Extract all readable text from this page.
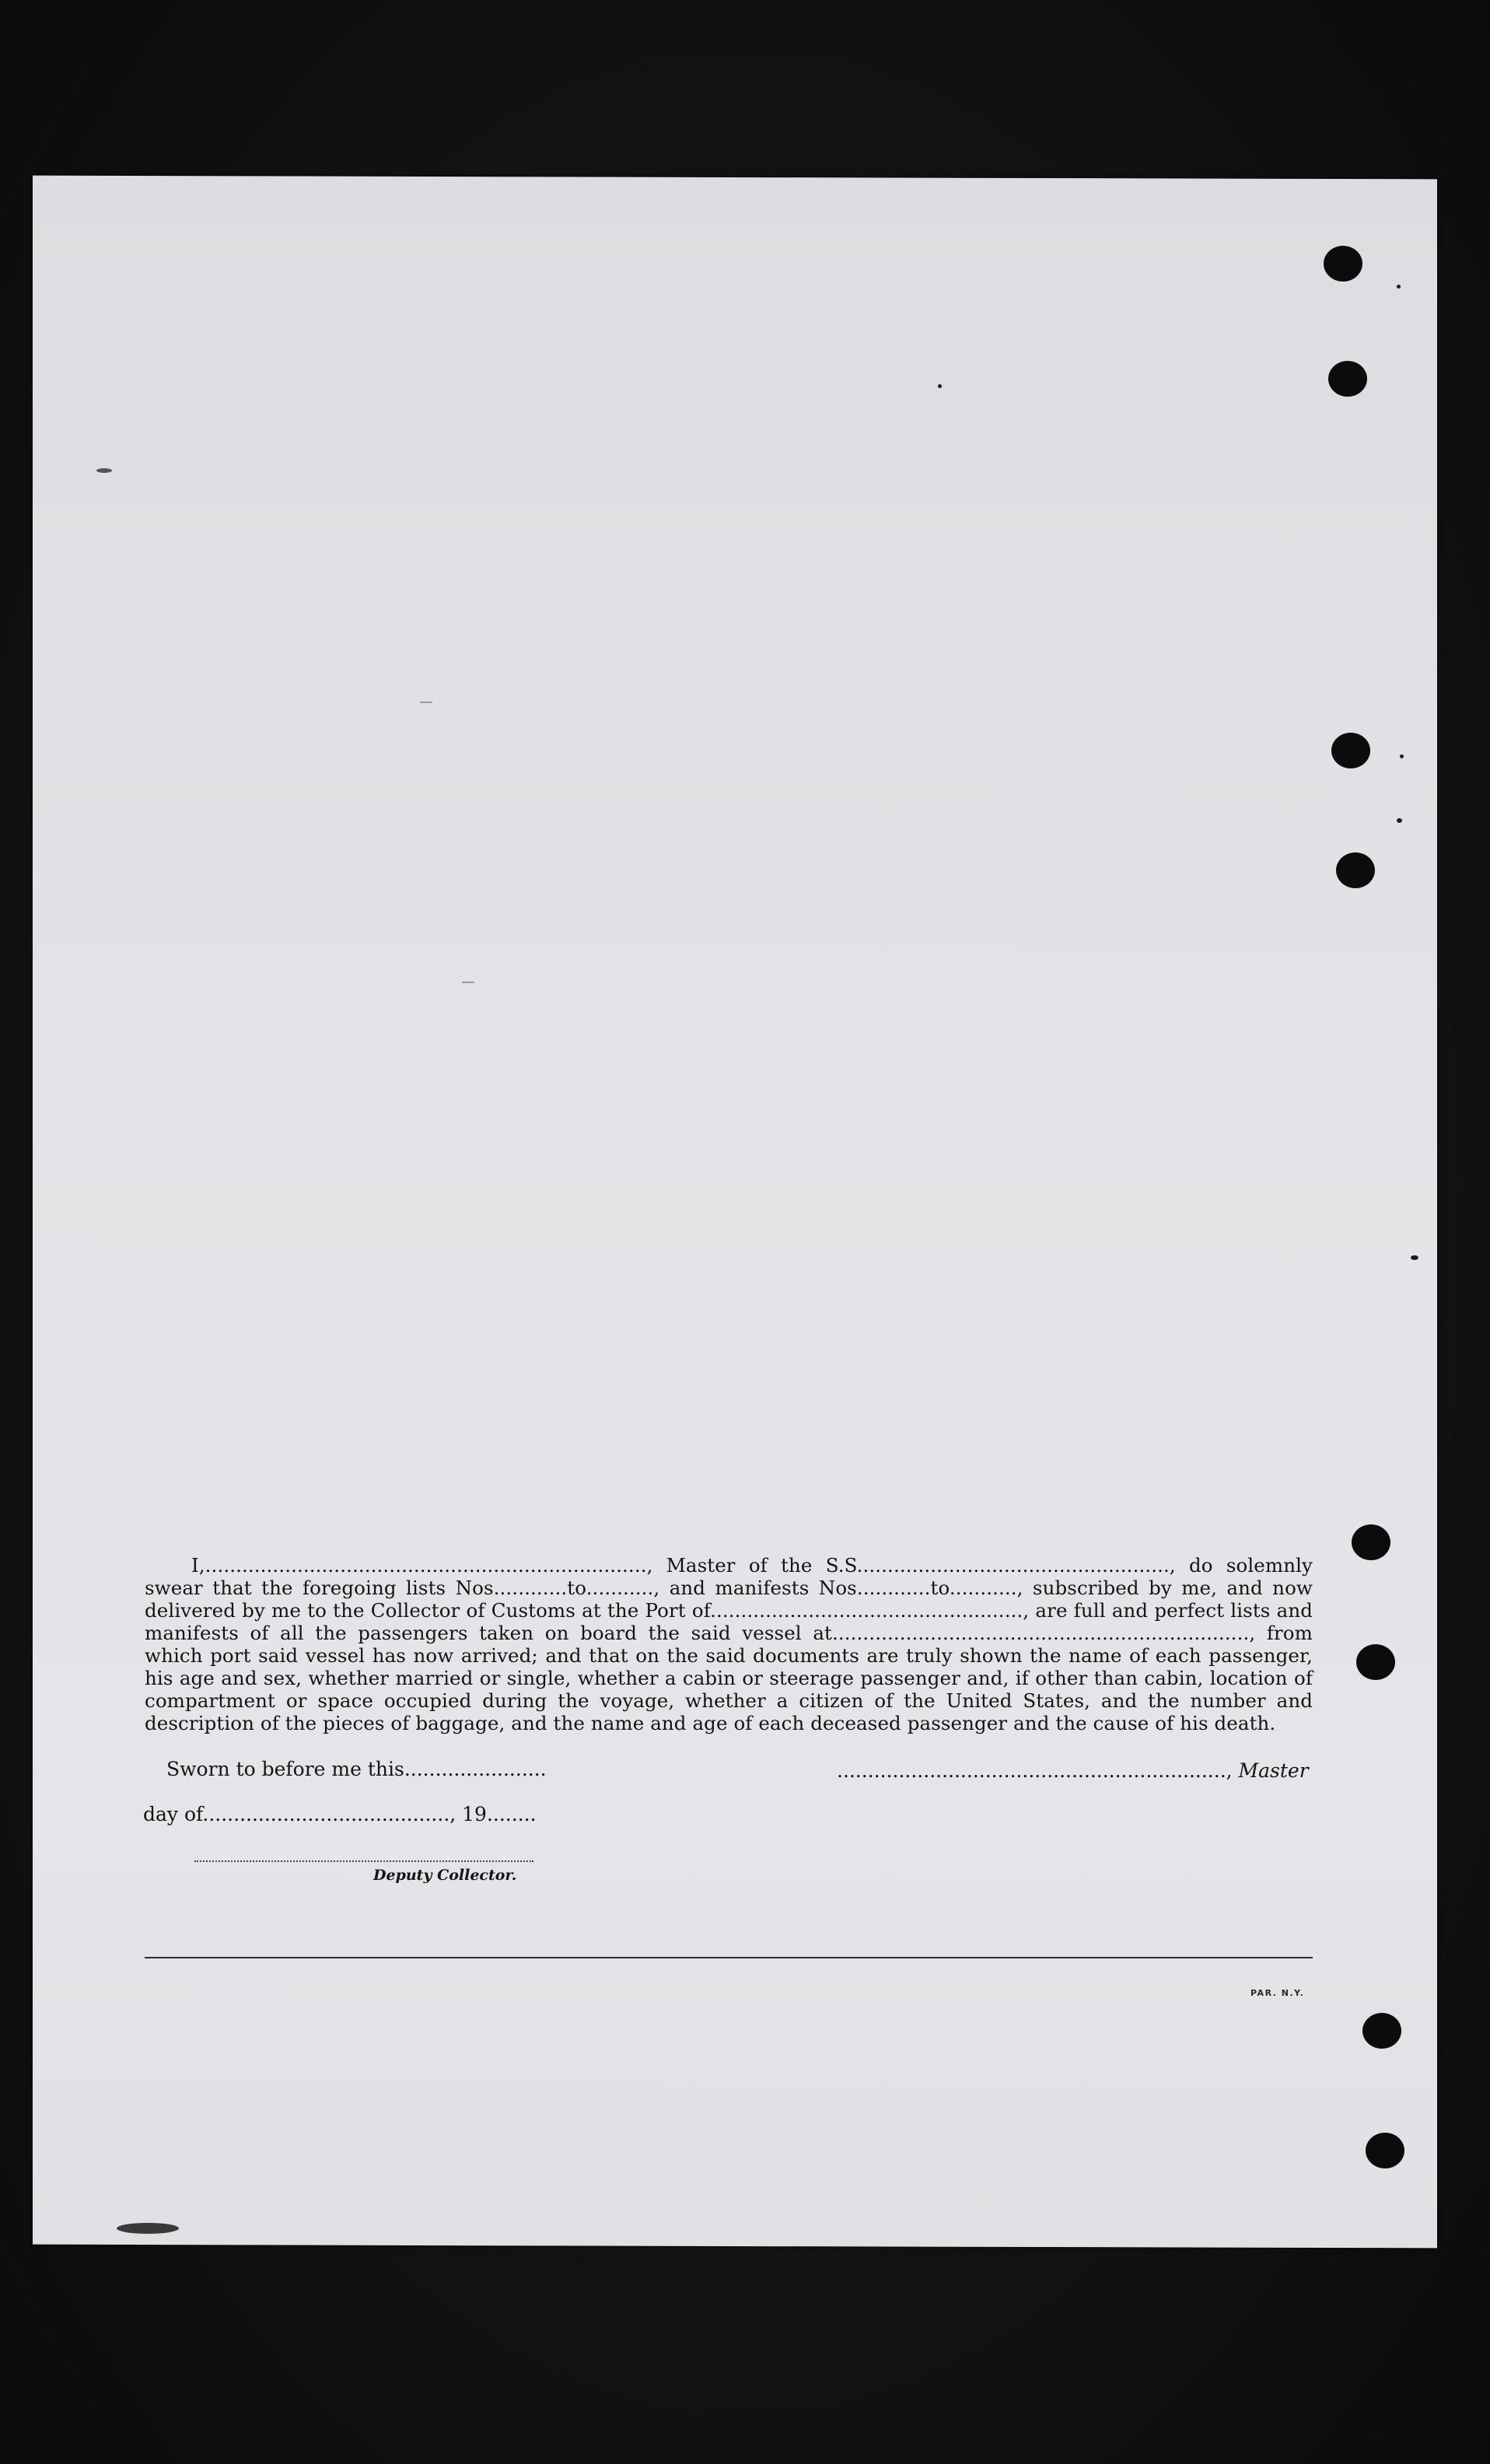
I,........................................................................, Master of the S.S..................................................., do solemnly swear that the foregoing lists Nos............to..........., and manifests Nos............to..........., subscribed by me, and now delivered by me to the Collector of Customs at the Port of..................................................., are full and perfect lists and manifests of all the passengers taken on board the said vessel at...................................................................., from which port said vessel has now arrived; and that on the said documents are truly shown the name of each passenger, his age and sex, whether married or single, whether a cabin or steerage passenger and, if other than cabin, location of compartment or space occupied during the voyage, whether a citizen of the United States, and the number and description of the pieces of baggage, and the name and age of each deceased passenger and the cause of his death.

Sworn to before me this.......................	..............................................................., Master
day of........................................, 19........
Deputy Collector.
PAR. N.Y.
